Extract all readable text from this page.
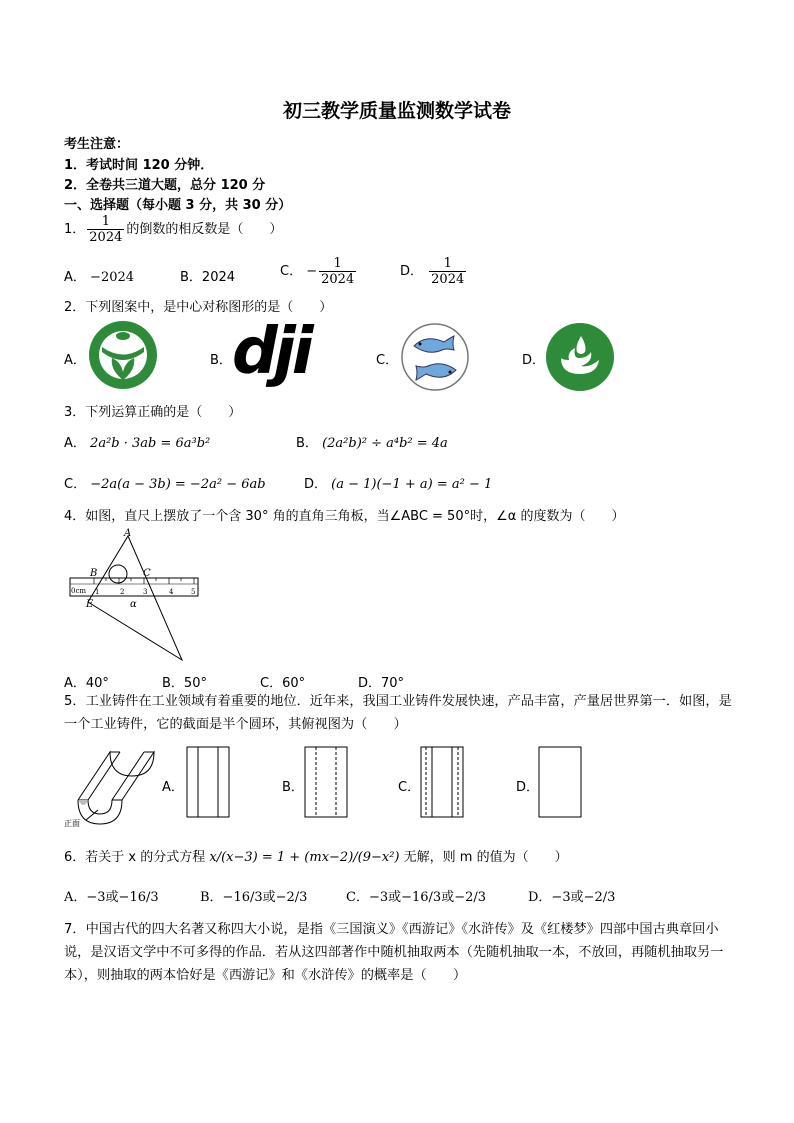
初三教学质量监测数学试卷
考生注意：
1．考试时间 120 分钟．
2．全卷共三道大题，总分 120 分
一、选择题（每小题 3 分，共 30 分）
1． $\frac{1}{2024}$ 的倒数的相反数是（　　）
A． −2024	B．2024	C． − $\frac{1}{2024}$	D． $\frac{1}{2024}$
2．下列图案中，是中心对称图形的是（　　）
A．	B． dji	C．	D．
3．下列运算正确的是（　　）
A． 2a²b · 3ab = 6a³b²	B． (2a²b)² ÷ a⁴b² = 4a
C． −2a(a − 3b) = −2a² − 6ab	D． (a − 1)(−1 + a) = a² − 1
4．如图，直尺上摆放了一个含 30° 角的直角三角板，当∠ABC = 50°时，∠α 的度数为（　　）
0cm 1	2	3	4	5
A
B	C
E	α
A．40°	B．50°	C．60°	D．70°
5．工业铸件在工业领域有着重要的地位．近年来，我国工业铸件发展快速，产品丰富，产量居世界第一．如图，是一个工业铸件，它的截面是半个圆环，其俯视图为（　　）
正面
A．	B．	C．	D．
6．若关于 x 的分式方程 x/(x−3) = 1 + (mx−2)/(9−x²) 无解，则 m 的值为（　　）
A．−3或−16/3	B．−16/3或−2/3	C．−3或−16/3或−2/3	D．−3或−2/3
7．中国古代的四大名著又称四大小说，是指《三国演义》《西游记》《水浒传》及《红楼梦》四部中国古典章回小说，是汉语文学中不可多得的作品．若从这四部著作中随机抽取两本（先随机抽取一本，不放回，再随机抽取另一本），则抽取的两本恰好是《西游记》和《水浒传》的概率是（　　）
